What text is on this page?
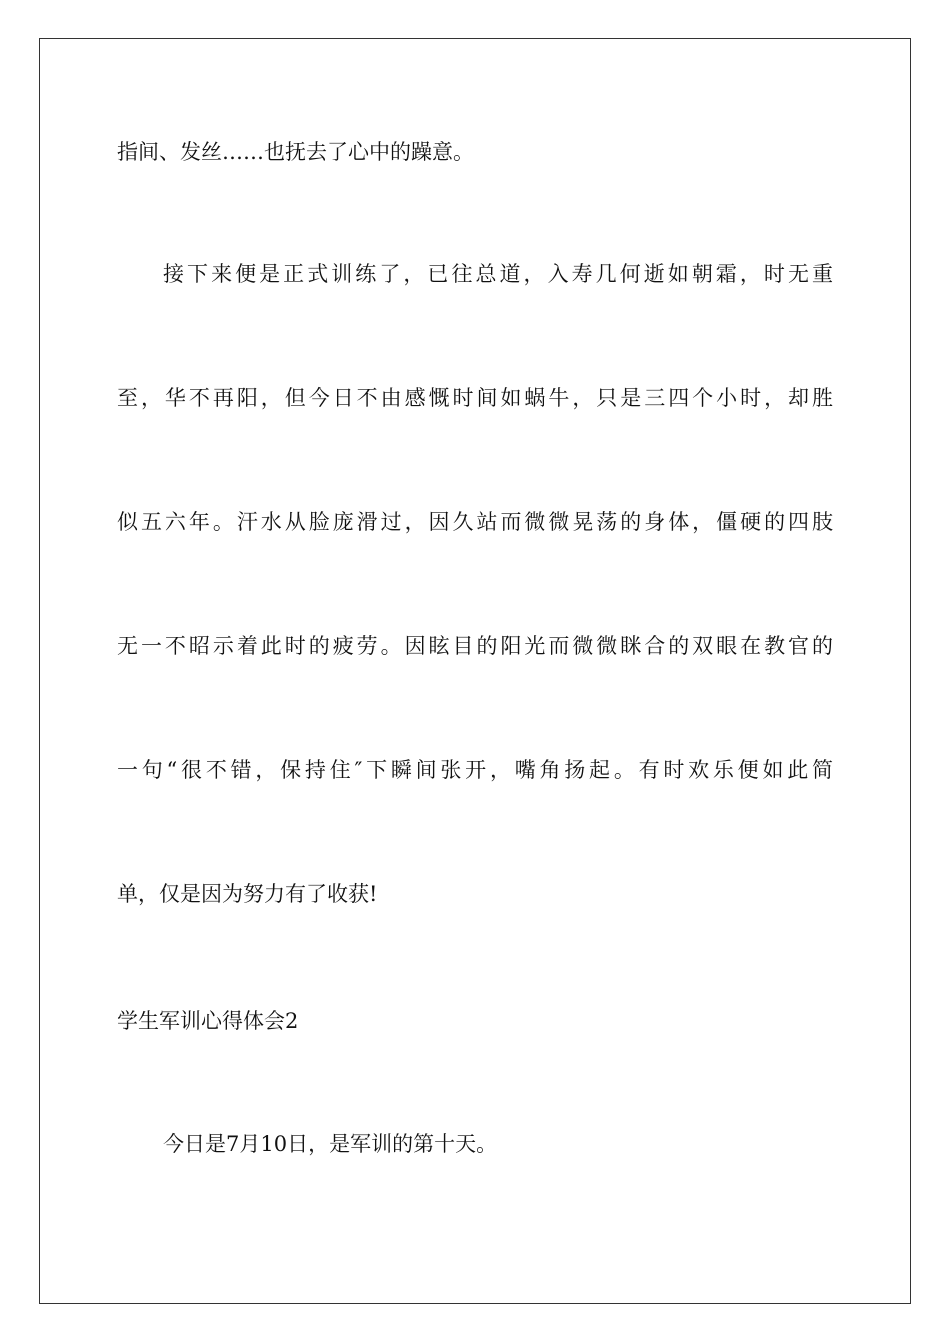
指间、发丝……也抚去了心中的躁意。
接下来便是正式训练了，已往总道，入寿几何逝如朝霜，时无重
至，华不再阳，但今日不由感慨时间如蜗牛，只是三四个小时，却胜
似五六年。汗水从脸庞滑过，因久站而微微晃荡的身体，僵硬的四肢
无一不昭示着此时的疲劳。因眩目的阳光而微微眯合的双眼在教官的
一句“很不错，保持住″下瞬间张开，嘴角扬起。有时欢乐便如此简
单，仅是因为努力有了收获!
学生军训心得体会2
今日是7月10日，是军训的第十天。
